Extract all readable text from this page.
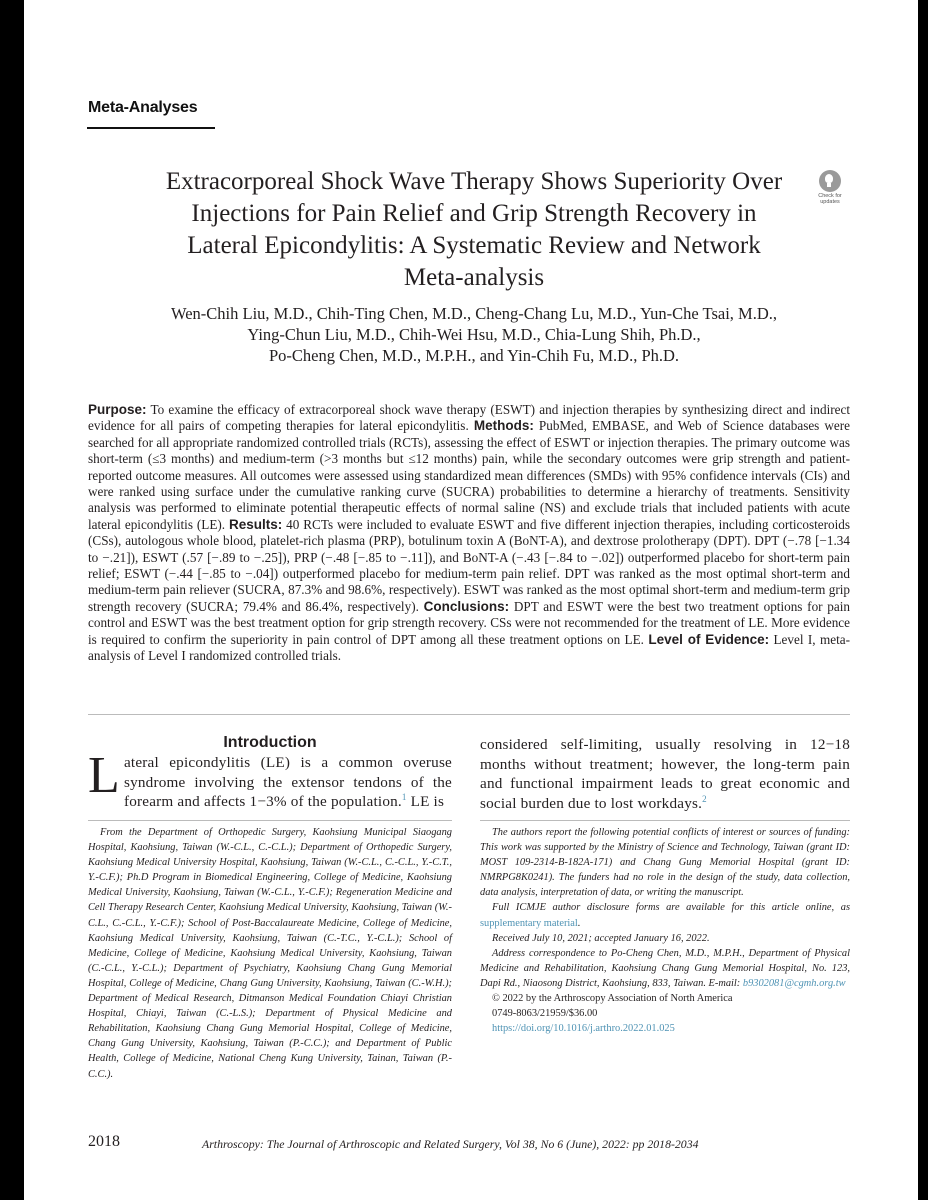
Meta-Analyses
Extracorporeal Shock Wave Therapy Shows Superiority Over Injections for Pain Relief and Grip Strength Recovery in Lateral Epicondylitis: A Systematic Review and Network Meta-analysis
Check for updates
Wen-Chih Liu, M.D., Chih-Ting Chen, M.D., Cheng-Chang Lu, M.D., Yun-Che Tsai, M.D.,
Ying-Chun Liu, M.D., Chih-Wei Hsu, M.D., Chia-Lung Shih, Ph.D.,
Po-Cheng Chen, M.D., M.P.H., and Yin-Chih Fu, M.D., Ph.D.
Purpose: To examine the efficacy of extracorporeal shock wave therapy (ESWT) and injection therapies by synthesizing direct and indirect evidence for all pairs of competing therapies for lateral epicondylitis. Methods: PubMed, EMBASE, and Web of Science databases were searched for all appropriate randomized controlled trials (RCTs), assessing the effect of ESWT or injection therapies. The primary outcome was short-term (≤3 months) and medium-term (>3 months but ≤12 months) pain, while the secondary outcomes were grip strength and patient-reported outcome measures. All outcomes were assessed using standardized mean differences (SMDs) with 95% confidence intervals (CIs) and were ranked using surface under the cumulative ranking curve (SUCRA) probabilities to determine a hierarchy of treatments. Sensitivity analysis was performed to eliminate potential therapeutic effects of normal saline (NS) and exclude trials that included patients with acute lateral epicondylitis (LE). Results: 40 RCTs were included to evaluate ESWT and five different injection therapies, including corticosteroids (CSs), autologous whole blood, platelet-rich plasma (PRP), botulinum toxin A (BoNT-A), and dextrose prolotherapy (DPT). DPT (−.78 [−1.34 to −.21]), ESWT (.57 [−.89 to −.25]), PRP (−.48 [−.85 to −.11]), and BoNT-A (−.43 [−.84 to −.02]) outperformed placebo for short-term pain relief; ESWT (−.44 [−.85 to −.04]) outperformed placebo for medium-term pain relief. DPT was ranked as the most optimal short-term and medium-term pain reliever (SUCRA, 87.3% and 98.6%, respectively). ESWT was ranked as the most optimal short-term and medium-term grip strength recovery (SUCRA; 79.4% and 86.4%, respectively). Conclusions: DPT and ESWT were the best two treatment options for pain control and ESWT was the best treatment option for grip strength recovery. CSs were not recommended for the treatment of LE. More evidence is required to confirm the superiority in pain control of DPT among all these treatment options on LE. Level of Evidence: Level I, meta-analysis of Level I randomized controlled trials.
Introduction
Lateral epicondylitis (LE) is a common overuse syndrome involving the extensor tendons of the forearm and affects 1−3% of the population.$^1$ LE is
considered self-limiting, usually resolving in 12−18 months without treatment; however, the long-term pain and functional impairment leads to great economic and social burden due to lost workdays.$^2$

From the Department of Orthopedic Surgery, Kaohsiung Municipal Siaogang Hospital, Kaohsiung, Taiwan (W.-C.L., C.-C.L.); Department of Orthopedic Surgery, Kaohsiung Medical University Hospital, Kaohsiung, Taiwan (W.-C.L., C.-C.L., Y.-C.T., Y.-C.F.); Ph.D Program in Biomedical Engineering, College of Medicine, Kaohsiung Medical University, Kaohsiung, Taiwan (W.-C.L., Y.-C.F.); Regeneration Medicine and Cell Therapy Research Center, Kaohsiung Medical University, Kaohsiung, Taiwan (W.-C.L., C.-C.L., Y.-C.F.); School of Post-Baccalaureate Medicine, College of Medicine, Kaohsiung Medical University, Kaohsiung, Taiwan (C.-T.C., Y.-C.L.); School of Medicine, College of Medicine, Kaohsiung Medical University, Kaohsiung, Taiwan (C.-C.L., Y.-C.L.); Department of Psychiatry, Kaohsiung Chang Gung Memorial Hospital, College of Medicine, Chang Gung University, Kaohsiung, Taiwan (C.-W.H.); Department of Medical Research, Ditmanson Medical Foundation Chiayi Christian Hospital, Chiayi, Taiwan (C.-L.S.); Department of Physical Medicine and Rehabilitation, Kaohsiung Chang Gung Memorial Hospital, College of Medicine, Chang Gung University, Kaohsiung, Taiwan (P.-C.C.); and Department of Public Health, College of Medicine, National Cheng Kung University, Tainan, Taiwan (P.-C.C.).

The authors report the following potential conflicts of interest or sources of funding: This work was supported by the Ministry of Science and Technology, Taiwan (grant ID: MOST 109-2314-B-182A-171) and Chang Gung Memorial Hospital (grant ID: NMRPG8K0241). The funders had no role in the design of the study, data collection, data analysis, interpretation of data, or writing the manuscript.

Full ICMJE author disclosure forms are available for this article online, as supplementary material.

Received July 10, 2021; accepted January 16, 2022.

Address correspondence to Po-Cheng Chen, M.D., M.P.H., Department of Physical Medicine and Rehabilitation, Kaohsiung Chang Gung Memorial Hospital, No. 123, Dapi Rd., Niaosong District, Kaohsiung, 833, Taiwan. E-mail: b9302081@cgmh.org.tw

© 2022 by the Arthroscopy Association of North America

0749-8063/21959/$36.00

https://doi.org/10.1016/j.arthro.2022.01.025

2018	Arthroscopy: The Journal of Arthroscopic and Related Surgery, Vol 38, No 6 (June), 2022: pp 2018-2034
